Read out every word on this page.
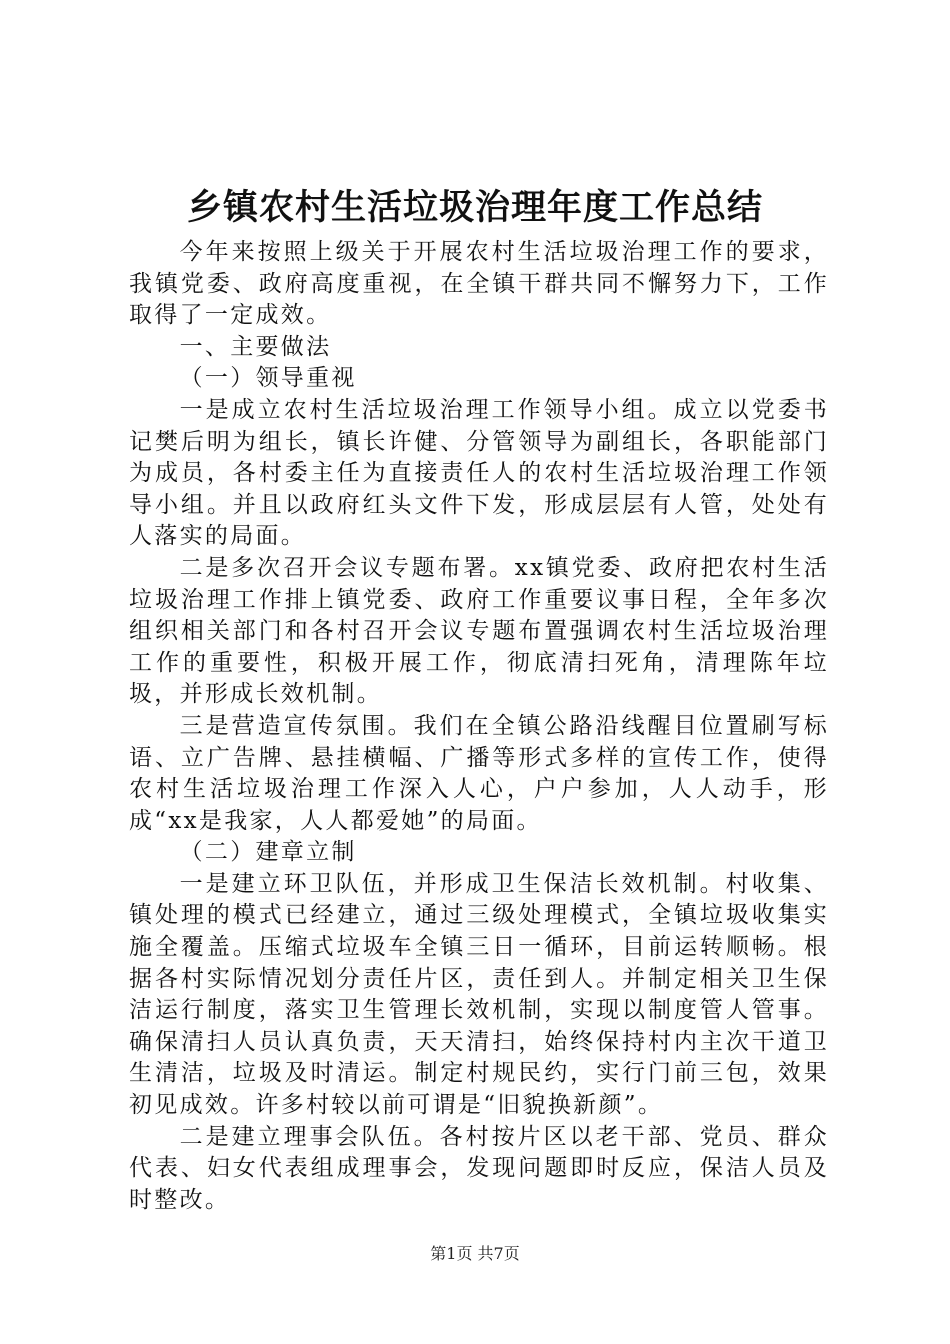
乡镇农村生活垃圾治理年度工作总结

今年来按照上级关于开展农村生活垃圾治理工作的要求，我镇党委、政府高度重视，在全镇干群共同不懈努力下，工作取得了一定成效。

一、主要做法

（一）领导重视

一是成立农村生活垃圾治理工作领导小组。成立以党委书记樊后明为组长，镇长许健、分管领导为副组长，各职能部门为成员，各村委主任为直接责任人的农村生活垃圾治理工作领导小组。并且以政府红头文件下发，形成层层有人管，处处有人落实的局面。

二是多次召开会议专题布署。xx镇党委、政府把农村生活垃圾治理工作排上镇党委、政府工作重要议事日程，全年多次组织相关部门和各村召开会议专题布置强调农村生活垃圾治理工作的重要性，积极开展工作，彻底清扫死角，清理陈年垃圾，并形成长效机制。

三是营造宣传氛围。我们在全镇公路沿线醒目位置刷写标语、立广告牌、悬挂横幅、广播等形式多样的宣传工作，使得农村生活垃圾治理工作深入人心，户户参加，人人动手，形成“xx是我家，人人都爱她”的局面。

（二）建章立制

一是建立环卫队伍，并形成卫生保洁长效机制。村收集、镇处理的模式已经建立，通过三级处理模式，全镇垃圾收集实施全覆盖。压缩式垃圾车全镇三日一循环，目前运转顺畅。根据各村实际情况划分责任片区，责任到人。并制定相关卫生保洁运行制度，落实卫生管理长效机制，实现以制度管人管事。确保清扫人员认真负责，天天清扫，始终保持村内主次干道卫生清洁，垃圾及时清运。制定村规民约，实行门前三包，效果初见成效。许多村较以前可谓是“旧貌换新颜”。

二是建立理事会队伍。各村按片区以老干部、党员、群众代表、妇女代表组成理事会，发现问题即时反应，保洁人员及时整改。

第1页 共7页
